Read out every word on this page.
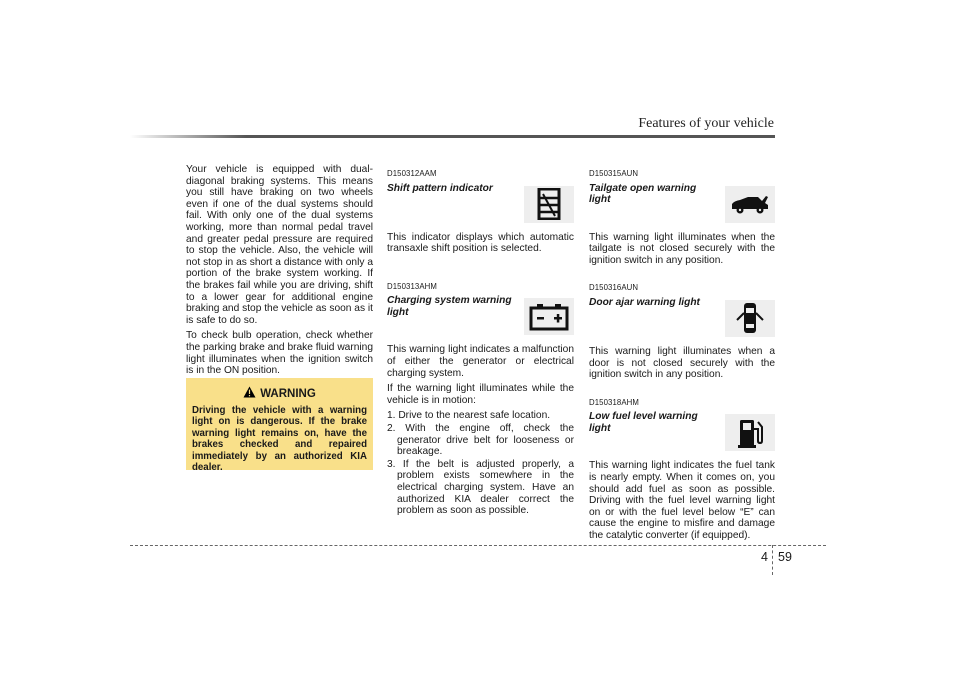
Features of your vehicle

Your vehicle is equipped with dual-diagonal braking systems. This means you still have braking on two wheels even if one of the dual systems should fail. With only one of the dual systems working, more than normal pedal travel and greater pedal pressure are required to stop the vehicle. Also, the vehicle will not stop in as short a distance with only a portion of the brake system working. If the brakes fail while you are driving, shift to a lower gear for additional engine braking and stop the vehicle as soon as it is safe to do so.

To check bulb operation, check whether the parking brake and brake fluid warning light illuminates when the ignition switch is in the ON position.

WARNING
Driving the vehicle with a warning light on is dangerous. If the brake warning light remains on, have the brakes checked and repaired immediately by an authorized KIA dealer.
D150312AAM
Shift pattern indicator

This indicator displays which automatic transaxle shift position is selected.

D150313AHM
Charging system warning light

This warning light indicates a malfunction of either the generator or electrical charging system.

If the warning light illuminates while the vehicle is in motion:

1. Drive to the nearest safe location.
2. With the engine off, check the generator drive belt for looseness or breakage.
3. If the belt is adjusted properly, a problem exists somewhere in the electrical charging system. Have an authorized KIA dealer correct the problem as soon as possible.
D150315AUN
Tailgate open warning light

This warning light illuminates when the tailgate is not closed securely with the ignition switch in any position.

D150316AUN
Door ajar warning light

This warning light illuminates when a door is not closed securely with the ignition switch in any position.

D150318AHM
Low fuel level warning light

This warning light indicates the fuel tank is nearly empty. When it comes on, you should add fuel as soon as possible. Driving with the fuel level warning light on or with the fuel level below “E” can cause the engine to misfire and damage the catalytic converter (if equipped).

4 59
